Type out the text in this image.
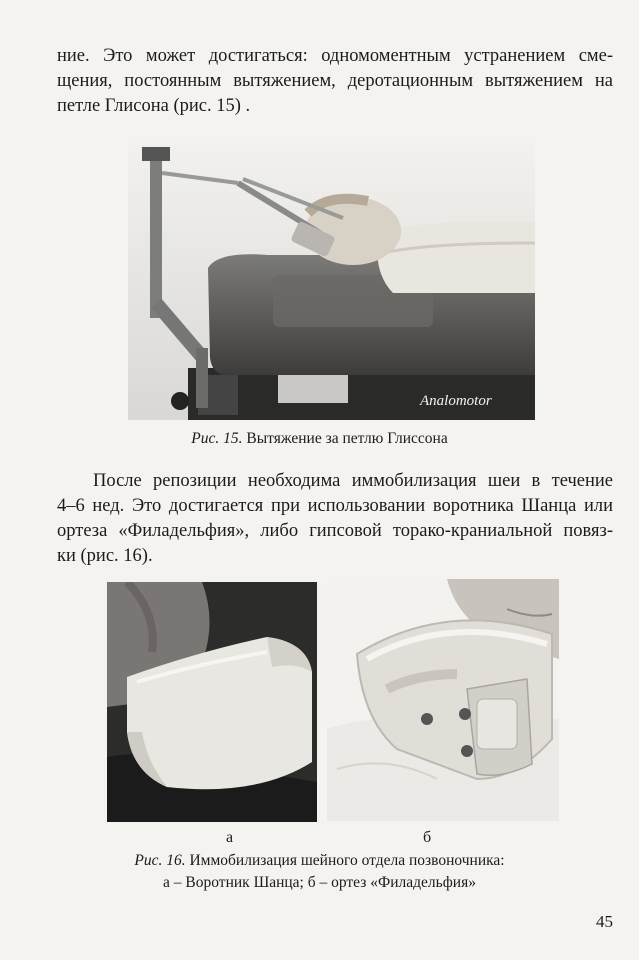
ние. Это может достигаться: одномоментным устранением сме-
щения, постоянным вытяжением, деротационным вытяжением на
петле Глисона (рис. 15) .

Analomotor

Рис. 15. Вытяжение за петлю Глиссона

После репозиции необходима иммобилизация шеи в течение
4–6 нед. Это достигается при использовании воротника Шанца или
ортеза «Филадельфия», либо гипсовой торако-краниальной повяз-
ки (рис. 16).

а	б

Рис. 16. Иммобилизация шейного отдела позвоночника:
а – Воротник Шанца; б – ортез «Филадельфия»

45
